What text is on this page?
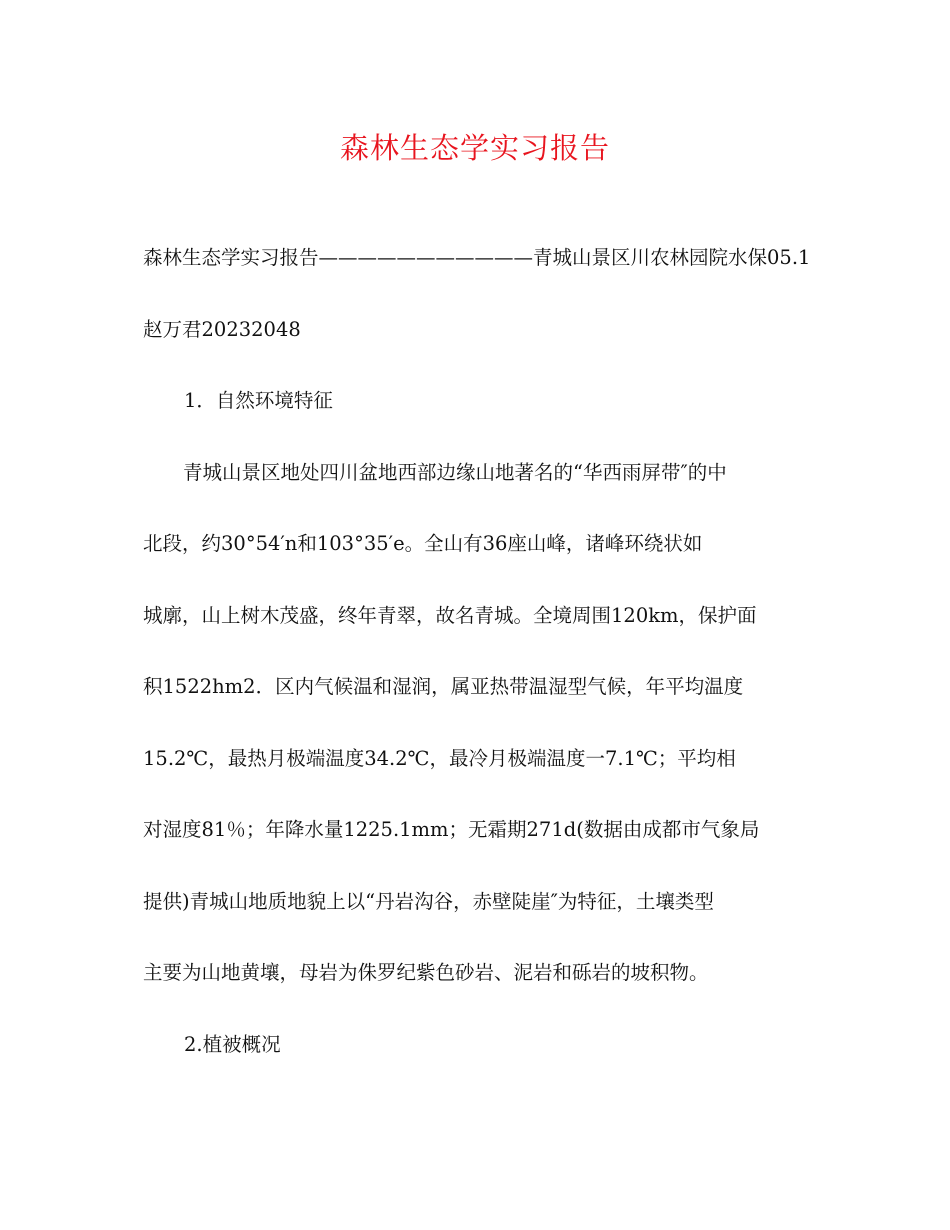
森林生态学实习报告
森林生态学实习报告———————————青城山景区川农林园院水保05.1
赵万君20232048
1．自然环境特征
青城山景区地处四川盆地西部边缘山地著名的“华西雨屏带″的中
北段，约30°54′n和103°35′e。全山有36座山峰，诸峰环绕状如
城廓，山上树木茂盛，终年青翠，故名青城。全境周围120km，保护面
积1522hm2．区内气候温和湿润，属亚热带温湿型气候，年平均温度
15.2℃，最热月极端温度34.2℃，最冷月极端温度一7.1℃；平均相
对湿度81％；年降水量1225.1mm；无霜期271d(数据由成都市气象局
提供)青城山地质地貌上以“丹岩沟谷，赤壁陡崖″为特征，土壤类型
主要为山地黄壤，母岩为侏罗纪紫色砂岩、泥岩和砾岩的坡积物。
2.植被概况
